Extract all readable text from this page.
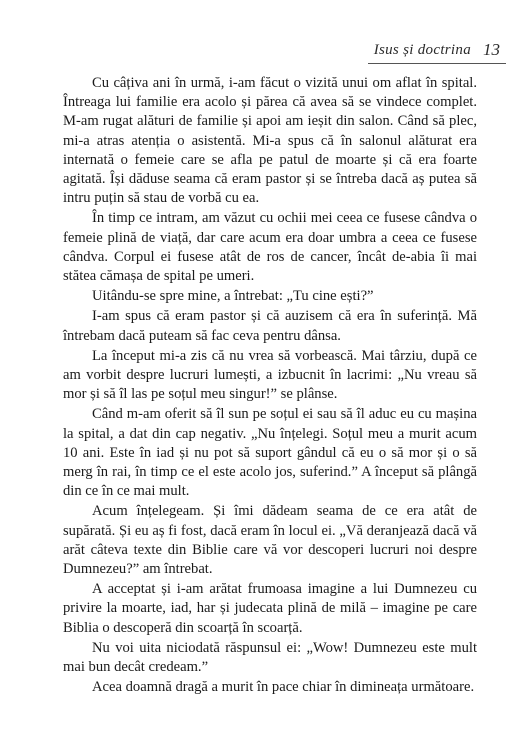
Isus și doctrina 13

Cu câțiva ani în urmă, i-am făcut o vizită unui om aflat în spital. Întreaga lui familie era acolo și părea că avea să se vindece complet. M-am rugat alături de familie și apoi am ieșit din salon. Când să plec, mi-a atras atenția o asistentă. Mi-a spus că în salonul alăturat era internată o femeie care se afla pe patul de moarte și că era foarte agitată. Își dăduse seama că eram pastor și se întreba dacă aș putea să intru puțin să stau de vorbă cu ea.

În timp ce intram, am văzut cu ochii mei ceea ce fusese cândva o femeie plină de viață, dar care acum era doar umbra a ceea ce fusese cândva. Corpul ei fusese atât de ros de cancer, încât de-abia îi mai stătea cămașa de spital pe umeri.

Uitându-se spre mine, a întrebat: „Tu cine ești?”

I-am spus că eram pastor și că auzisem că era în suferință. Mă întrebam dacă puteam să fac ceva pentru dânsa.

La început mi-a zis că nu vrea să vorbească. Mai târziu, după ce am vorbit despre lucruri lumești, a izbucnit în lacrimi: „Nu vreau să mor și să îl las pe soțul meu singur!” se plânse.

Când m-am oferit să îl sun pe soțul ei sau să îl aduc eu cu mașina la spital, a dat din cap negativ. „Nu înțelegi. Soțul meu a murit acum 10 ani. Este în iad și nu pot să suport gândul că eu o să mor și o să merg în rai, în timp ce el este acolo jos, suferind.” A început să plângă din ce în ce mai mult.

Acum înțelegeam. Și îmi dădeam seama de ce era atât de supărată. Și eu aș fi fost, dacă eram în locul ei. „Vă deranjează dacă vă arăt câteva texte din Biblie care vă vor descoperi lucruri noi despre Dumnezeu?” am întrebat.

A acceptat și i-am arătat frumoasa imagine a lui Dumnezeu cu privire la moarte, iad, har și judecata plină de milă – imagine pe care Biblia o descoperă din scoarță în scoarță.

Nu voi uita niciodată răspunsul ei: „Wow! Dumnezeu este mult mai bun decât credeam.”

Acea doamnă dragă a murit în pace chiar în dimineața următoare.
